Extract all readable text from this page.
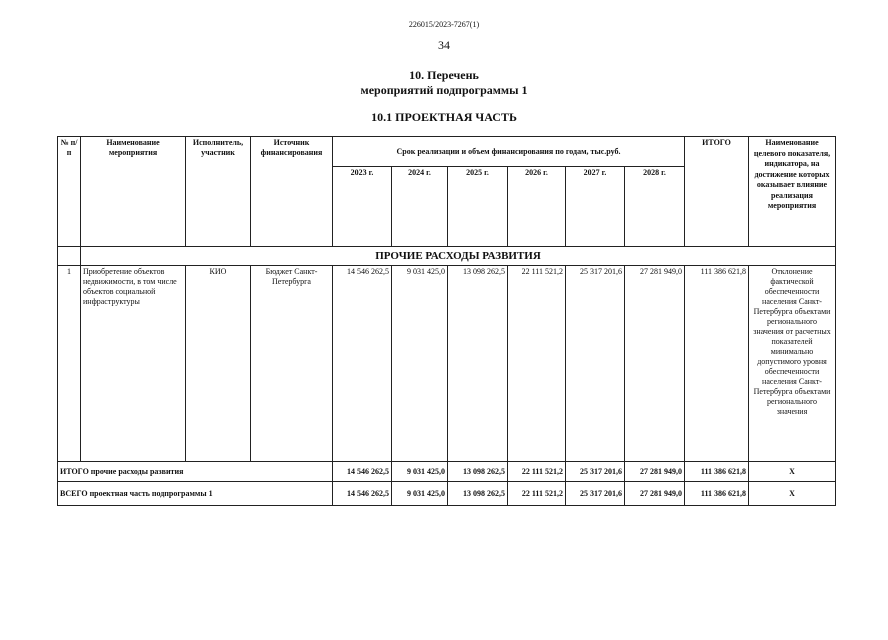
226015/2023-7267(1)
34
10. Перечень
мероприятий подпрограммы 1
10.1 ПРОЕКТНАЯ ЧАСТЬ
№ п/п	Наименование мероприятия	Исполнитель, участник	Источник финансирования	Срок реализации и объем финансирования по годам, тыс.руб.						ИТОГО	Наименование целевого показателя, индикатора, на достижение которых оказывает влияние реализация мероприятия
				2023 г.	2024 г.	2025 г.	2026 г.	2027 г.	2028 г.		
	ПРОЧИЕ РАСХОДЫ РАЗВИТИЯ										
1	Приобретение объектов недвижимости, в том числе объектов социальной инфраструктуры	КИО	Бюджет Санкт-Петербурга	14 546 262,5	9 031 425,0	13 098 262,5	22 111 521,2	25 317 201,6	27 281 949,0	111 386 621,8	Отклонение фактической обеспеченности населения Санкт-Петербурга объектами регионального значения от расчетных показателей минимально допустимого уровня обеспеченности населения Санкт-Петербурга объектами регионального значения
ИТОГО прочие расходы развития				14 546 262,5	9 031 425,0	13 098 262,5	22 111 521,2	25 317 201,6	27 281 949,0	111 386 621,8	Х
ВСЕГО проектная часть подпрограммы 1				14 546 262,5	9 031 425,0	13 098 262,5	22 111 521,2	25 317 201,6	27 281 949,0	111 386 621,8	Х
